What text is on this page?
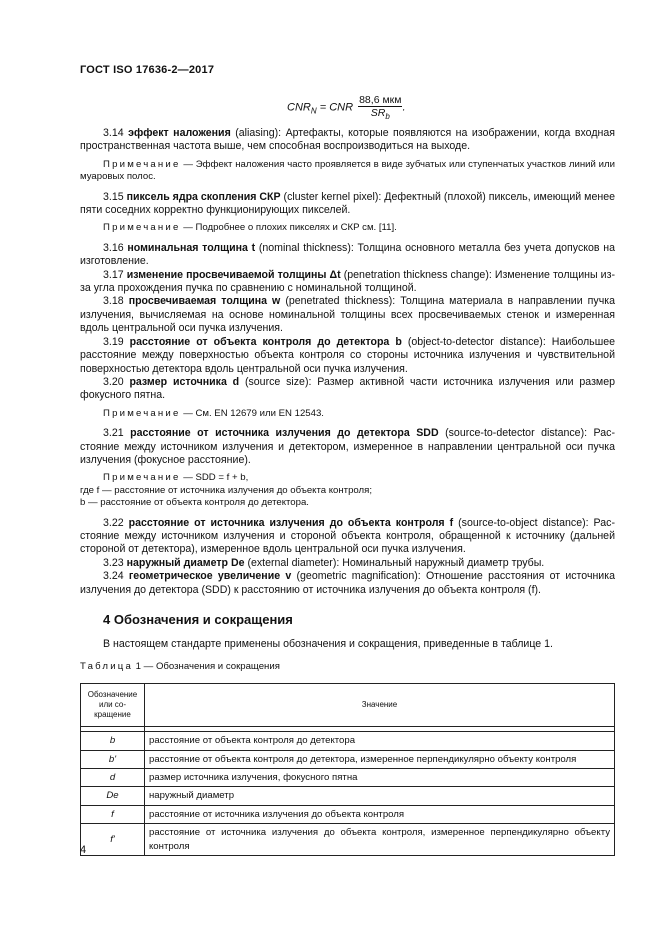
ГОСТ ISO 17636-2—2017
$CNR_N$ = CNR $\frac{\text{88,6 мкм}}{SR_b}$ .

3.14 эффект наложения (aliasing): Артефакты, которые появляются на изображении, когда входная пространственная частота выше, чем способная воспроизводиться на выходе.

Примечание — Эффект наложения часто проявляется в виде зубчатых или ступенчатых участков линий или муаровых полос.

3.15 пиксель ядра скопления СКР (cluster kernel pixel): Дефектный (плохой) пиксель, имеющий менее пяти соседних корректно функционирующих пикселей.

Примечание — Подробнее о плохих пикселях и СКР см. [11].

3.16 номинальная толщина t (nominal thickness): Толщина основного металла без учета допусков на изготовление.

3.17 изменение просвечиваемой толщины Δt (penetration thickness change): Изменение толщины из-за угла прохождения пучка по сравнению с номинальной толщиной.

3.18 просвечиваемая толщина w (penetrated thickness): Толщина материала в направлении пучка излучения, вычисляемая на основе номинальной толщины всех просвечиваемых стенок и измеренная вдоль центральной оси пучка излучения.

3.19 расстояние от объекта контроля до детектора b (object-to-detector distance): Наибольшее расстояние между поверхностью объекта контроля со стороны источника излучения и чувствительной поверхностью детектора вдоль центральной оси пучка излучения.

3.20 размер источника d (source size): Размер активной части источника излучения или размер фокусного пятна.

Примечание — См. EN 12679 или EN 12543.

3.21 расстояние от источника излучения до детектора SDD (source-to-detector distance): Расстояние между источником излучения и детектором, измеренное в направлении центральной оси пучка излучения (фокусное расстояние).

Примечание — SDD = f + b,

где f — расстояние от источника излучения до объекта контроля;

b — расстояние от объекта контроля до детектора.

3.22 расстояние от источника излучения до объекта контроля f (source-to-object distance): Расстояние между источником излучения и стороной объекта контроля, обращенной к источнику (дальней стороной от детектора), измеренное вдоль центральной оси пучка излучения.

3.23 наружный диаметр De (external diameter): Номинальный наружный диаметр трубы.

3.24 геометрическое увеличение v (geometric magnification): Отношение расстояния от источника излучения до детектора (SDD) к расстоянию от источника излучения до объекта контроля (f).

4 Обозначения и сокращения

В настоящем стандарте применены обозначения и сокращения, приведенные в таблице 1.

Таблица 1 — Обозначения и сокращения

Обозначение или сокращение	Значение

b	расстояние от объекта контроля до детектора
b'	расстояние от объекта контроля до детектора, измеренное перпендикулярно объекту контроля
d	размер источника излучения, фокусного пятна
De	наружный диаметр
f	расстояние от источника излучения до объекта контроля
f'	расстояние от источника излучения до объекта контроля, измеренное перпендикулярно объекту контроля
4
